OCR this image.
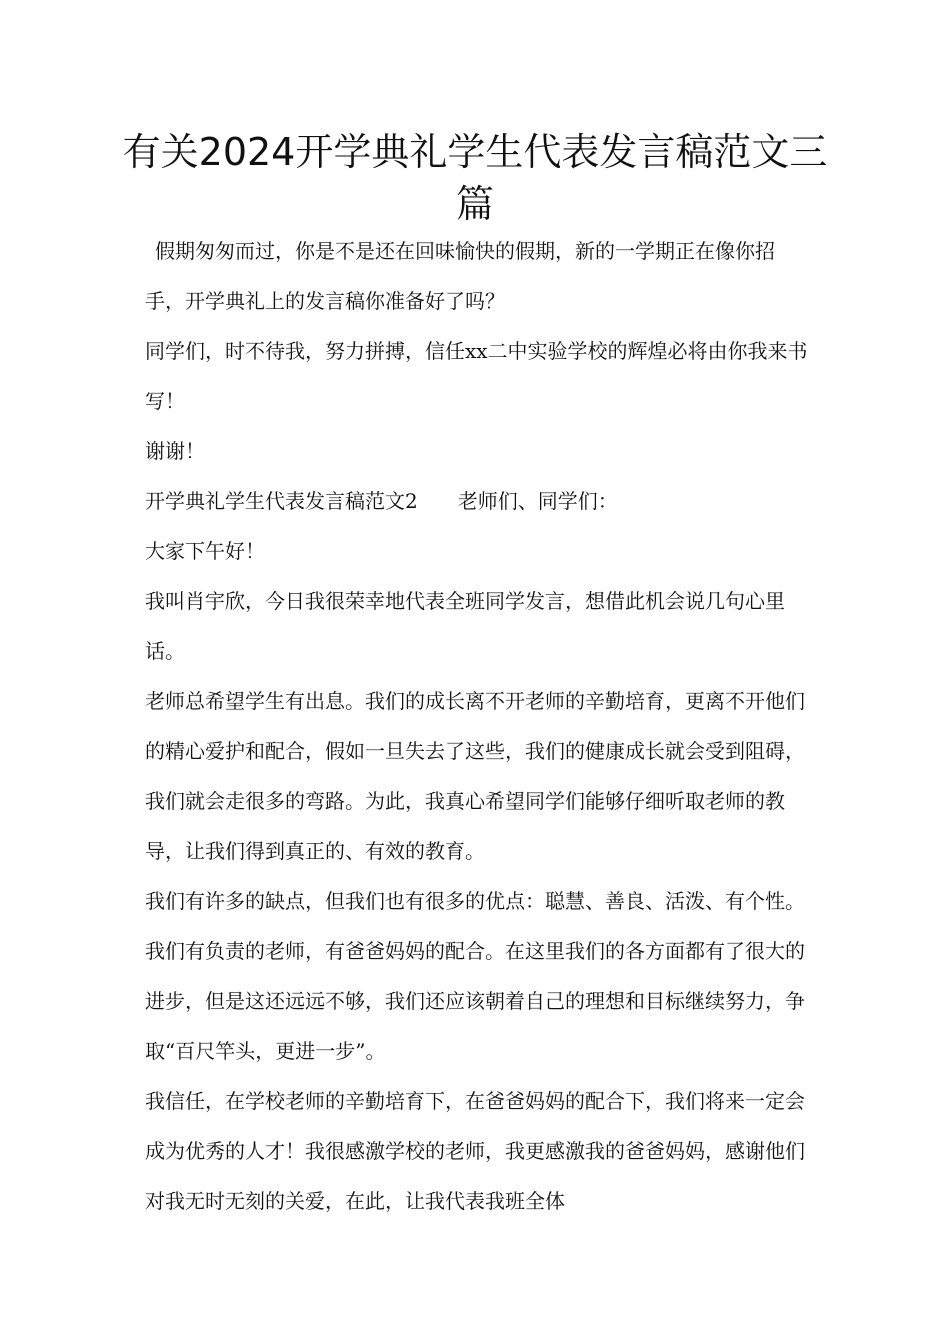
有关2024开学典礼学生代表发言稿范文三篇

假期匆匆而过，你是不是还在回味愉快的假期，新的一学期正在像你招手，开学典礼上的发言稿你准备好了吗？

同学们，时不待我，努力拼搏，信任xx二中实验学校的辉煌必将由你我来书写！

谢谢！

开学典礼学生代表发言稿范文2　　老师们、同学们：

大家下午好！

我叫肖宇欣，今日我很荣幸地代表全班同学发言，想借此机会说几句心里话。

老师总希望学生有出息。我们的成长离不开老师的辛勤培育，更离不开他们的精心爱护和配合，假如一旦失去了这些，我们的健康成长就会受到阻碍，我们就会走很多的弯路。为此，我真心希望同学们能够仔细听取老师的教导，让我们得到真正的、有效的教育。

我们有许多的缺点，但我们也有很多的优点：聪慧、善良、活泼、有个性。我们有负责的老师，有爸爸妈妈的配合。在这里我们的各方面都有了很大的进步，但是这还远远不够，我们还应该朝着自己的理想和目标继续努力，争取“百尺竿头，更进一步”。

我信任，在学校老师的辛勤培育下，在爸爸妈妈的配合下，我们将来一定会成为优秀的人才！我很感激学校的老师，我更感激我的爸爸妈妈，感谢他们对我无时无刻的关爱，在此，让我代表我班全体
